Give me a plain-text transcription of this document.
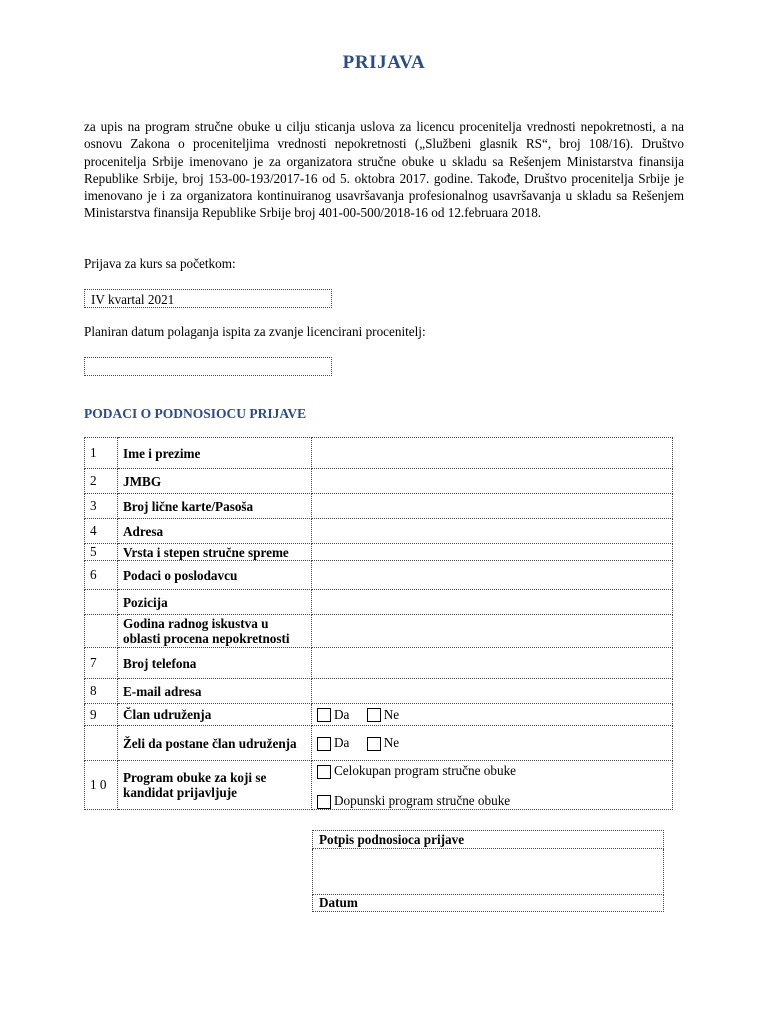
PRIJAVA
za upis na program stručne obuke u cilju sticanja uslova za licencu procenitelja vrednosti nepokretnosti, a na osnovu Zakona o proceniteljima vrednosti nepokretnosti („Službeni glasnik RS“, broj 108/16). Društvo procenitelja Srbije imenovano je za organizatora stručne obuke u skladu sa Rešenjem Ministarstva finansija Republike Srbije, broj 153-00-193/2017-16 od 5. oktobra 2017. godine. Takođe, Društvo procenitelja Srbije je imenovano je i za organizatora kontinuiranog usavršavanja profesionalnog usavršavanja u skladu sa Rešenjem Ministarstva finansija Republike Srbije broj 401-00-500/2018-16 od 12.februara 2018.
Prijava za kurs sa početkom:
IV kvartal 2021
Planiran datum polaganja ispita za zvanje licencirani procenitelj:
PODACI O PODNOSIOCU PRIJAVE
1	Ime i prezime	
2	JMBG	
3	Broj lične karte/Pasoša	
4	Adresa	
5	Vrsta i stepen stručne spreme	
6	Podaci o poslodavcu	
	Pozicija	
	Godina radnog iskustva u oblasti procena nepokretnosti	
7	Broj telefona	
8	E-mail adresa	
9	Član udruženja	Da Ne
	Želi da postane član udruženja	Da Ne
1 0	Program obuke za koji se kandidat prijavljuje	Celokupan program stručne obuke
Dopunski program stručne obuke
Potpis podnosioca prijave

Datum
